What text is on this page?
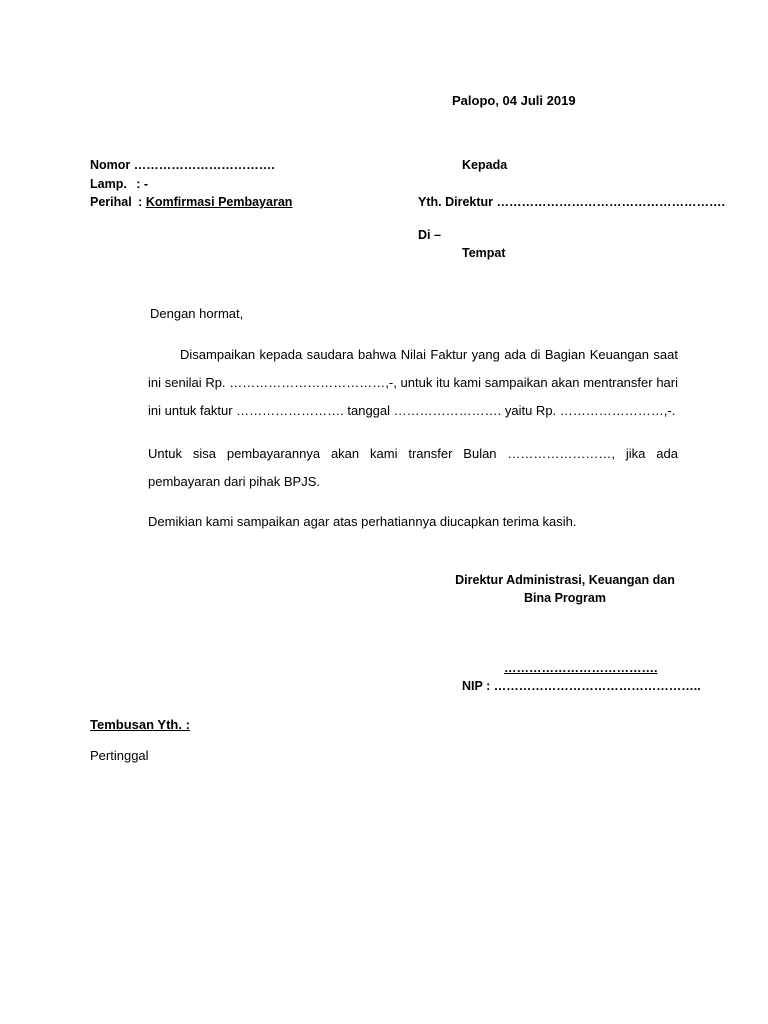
Palopo, 04 Juli 2019
Nomor …………………………….
Lamp. : -
Perihal : Komfirmasi Pembayaran
Kepada
Yth. Direktur ……………………………………………….
Di –
Tempat
Dengan hormat,
Disampaikan kepada saudara bahwa Nilai Faktur yang ada di Bagian Keuangan saat ini senilai Rp. ………………………………,-, untuk itu kami sampaikan akan mentransfer hari ini untuk faktur ……………………. tanggal ……………………. yaitu Rp. ……………………,-.
Untuk sisa pembayarannya akan kami transfer Bulan ……………………, jika ada pembayaran dari pihak BPJS.
Demikian kami sampaikan agar atas perhatiannya diucapkan terima kasih.
Direktur Administrasi, Keuangan dan
Bina Program
……………………………….
NIP : …………………………………………..
Tembusan Yth. :
Pertinggal
